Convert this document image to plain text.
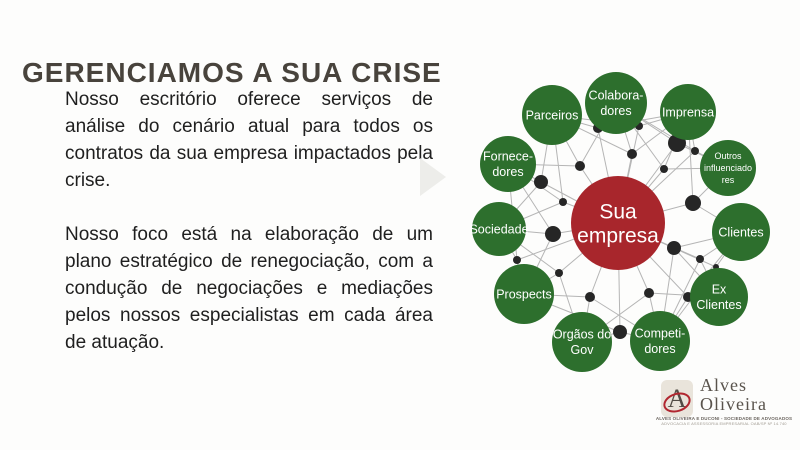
GERENCIAMOS A SUA CRISE

Nosso escritório oferece serviços de análise do cenário atual para todos os contratos da sua empresa impactados pela crise.

Nosso foco está na elaboração de um plano estratégico de renegociação, com a condução de negociações e mediações pelos nossos especialistas em cada área de atuação.

Parceiros
Colabora-dores	Imprensa
Fornece-dores
Outros influenciado res
Sociedade	Clientes
Prospects	Ex Clientes
Orgãos do Gov
Competi-dores
Sua empresa
A Alves
Oliveira
ALVES OLIVEIRA E DUCONI - SOCIEDADE DE ADVOGADOS
ADVOCACIA E ASSESSORIA EMPRESARIAL OAB/SP Nº 14.740
